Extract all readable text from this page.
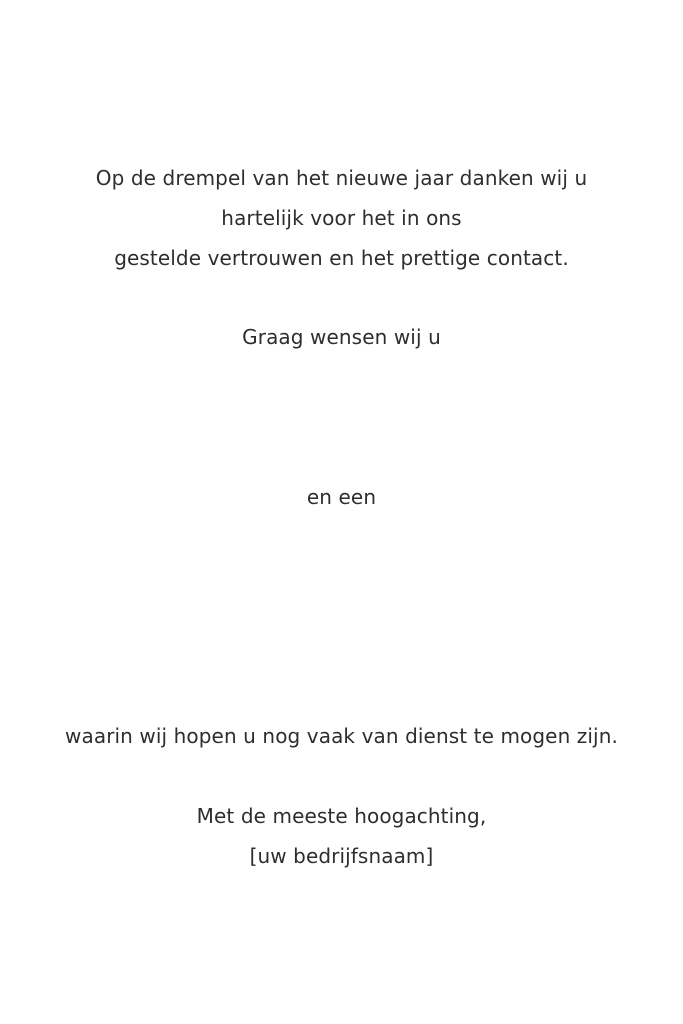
Op de drempel van het nieuwe jaar danken wij u
hartelijk voor het in ons
gestelde vertrouwen en het prettige contact.
Graag wensen wij u
en een
waarin wij hopen u nog vaak van dienst te mogen zijn.
Met de meeste hoogachting,
[uw bedrijfsnaam]
